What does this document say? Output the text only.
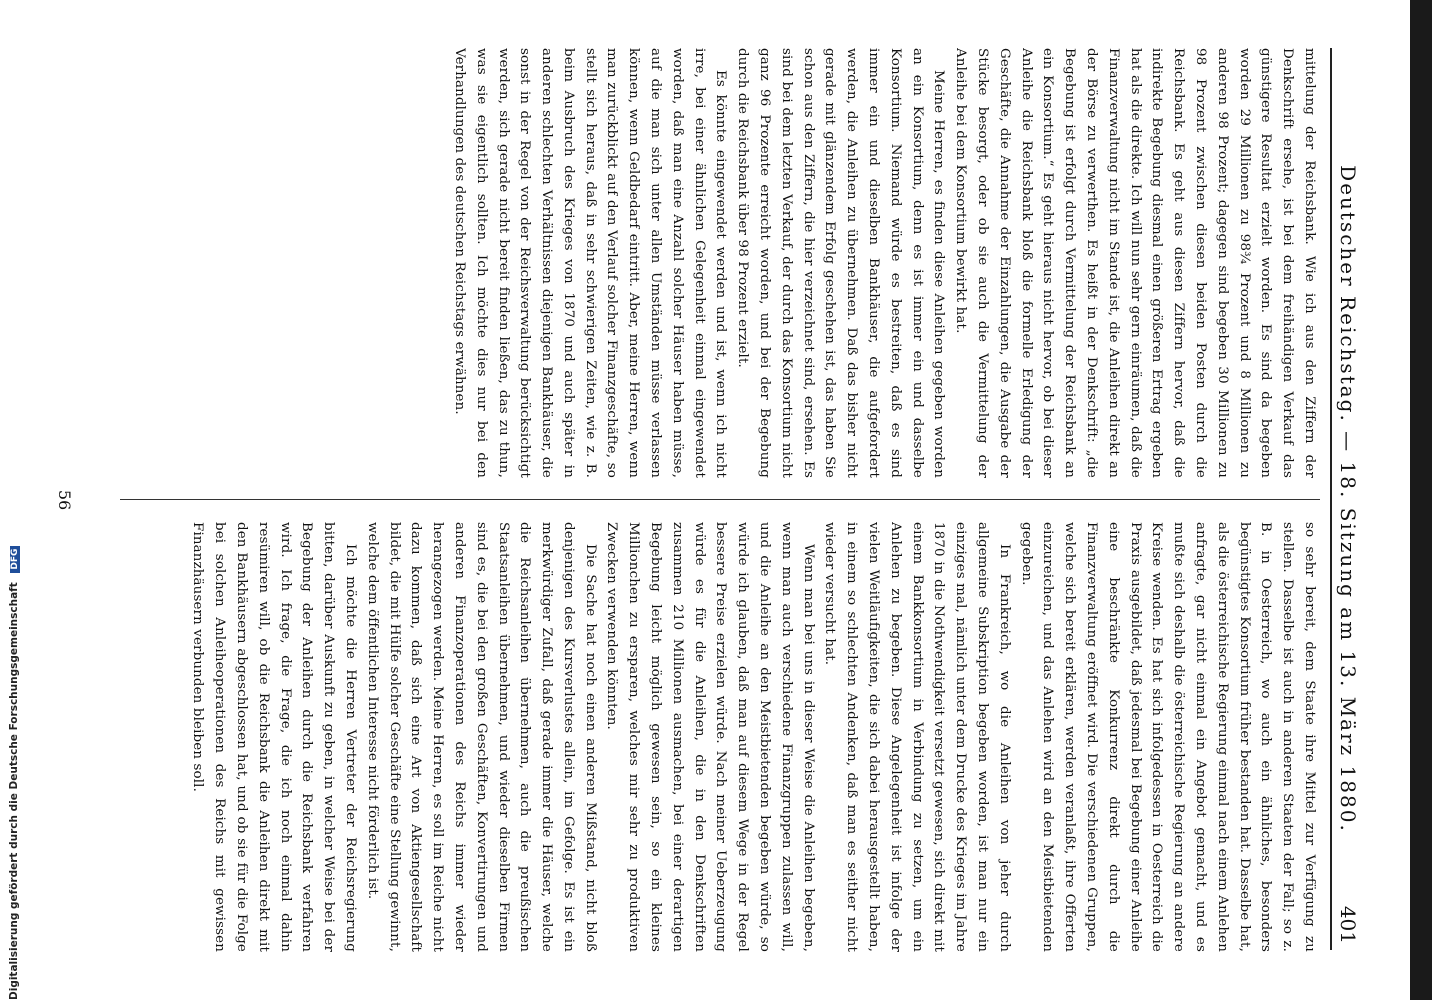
Digitalisierung gefördert durch die Deutsche Forschungsgemeinschaft DFG	Deutscher Reichstag. — 18. Sitzung am 13. März 1880.
401

mittelung der Reichsbank. Wie ich aus den Ziffern der Denkschrift ersehe, ist bei dem freihändigen Verkauf das günstigere Resultat erzielt worden. Es sind da begeben worden 29 Millionen zu 98¾ Prozent und 8 Millionen zu anderen 98 Prozent; dagegen sind begeben 30 Millionen zu 98 Prozent zwischen diesen beiden Posten durch die Reichsbank. Es geht aus diesen Ziffern hervor, daß die indirekte Begebung diesmal einen größeren Ertrag ergeben hat als die direkte. Ich will nun sehr gern einräumen, daß die Finanzverwaltung nicht im Stande ist, die Anleihen direkt an der Börse zu verwerthen. Es heißt in der Denkschrift: „die Begebung ist erfolgt durch Vermittelung der Reichsbank an ein Konsortium.“ Es geht hieraus nicht hervor, ob bei dieser Anleihe die Reichsbank bloß die formelle Erledigung der Geschäfte, die Annahme der Einzahlungen, die Ausgabe der Stücke besorgt, oder ob sie auch die Vermittelung der Anleihe bei dem Konsortium bewirkt hat.

Meine Herren, es finden diese Anleihen gegeben worden an ein Konsortium, denn es ist immer ein und dasselbe Konsortium. Niemand würde es bestreiten, daß es sind immer ein und dieselben Bankhäuser, die aufgefordert werden, die Anleihen zu übernehmen. Daß das bisher nicht gerade mit glänzendem Erfolg geschehen ist, das haben Sie schon aus den Ziffern, die hier verzeichnet sind, ersehen. Es sind bei dem letzten Verkauf, der durch das Konsortium nicht ganz 96 Prozente erreicht worden, und bei der Begebung durch die Reichsbank über 98 Prozent erzielt.

Es könnte eingewendet werden und ist, wenn ich nicht irre, bei einer ähnlichen Gelegenheit einmal eingewendet worden, daß man eine Anzahl solcher Häuser haben müsse, auf die man sich unter allen Umständen müsse verlassen können, wenn Geldbedarf eintritt. Aber, meine Herren, wenn man zurückblickt auf den Verlauf solcher Finanzgeschäfte, so stellt sich heraus, daß in sehr schwierigen Zeiten, wie z. B. beim Ausbruch des Krieges von 1870 und auch später in anderen schlechten Verhältnissen diejenigen Bankhäuser, die sonst in der Regel von der Reichsverwaltung berücksichtigt werden, sich gerade nicht bereit finden ließen, das zu thun, was sie eigentlich sollten. Ich möchte dies nur bei den Verhandlungen des deutschen Reichstags erwähnen.

so sehr bereit, dem Staate ihre Mittel zur Verfügung zu stellen. Dasselbe ist auch in anderen Staaten der Fall; so z. B. in Oesterreich, wo auch ein ähnliches, besonders begünstigtes Konsortium früher bestanden hat. Dasselbe hat, als die österreichische Regierung einmal nach einem Anlehen anfragte, gar nicht einmal ein Angebot gemacht, und es mußte sich deshalb die österreichische Regierung an andere Kreise wenden. Es hat sich infolgedessen in Oesterreich die Praxis ausgebildet, daß jedesmal bei Begebung einer Anleihe eine beschränkte Konkurrenz direkt durch die Finanzverwaltung eröffnet wird. Die verschiedenen Gruppen, welche sich bereit erklären, werden veranlaßt, ihre Offerten einzureichen, und das Anlehen wird an den Meistbietenden gegeben.

In Frankreich, wo die Anleihen von jeher durch allgemeine Subskription begeben worden, ist man nur ein einziges mal, nämlich unter dem Drucke des Krieges im Jahre 1870 in die Nothwendigkeit versetzt gewesen, sich direkt mit einem Bankkonsortium in Verbindung zu setzen, um ein Anlehen zu begeben. Diese Angelegenheit ist infolge der vielen Weitläufigkeiten, die sich dabei herausgestellt haben, in einem so schlechten Andenken, daß man es seither nicht wieder versucht hat.

Wenn man bei uns in dieser Weise die Anleihen begeben, wenn man auch verschiedene Finanzgruppen zulassen will, und die Anleihe an den Meistbietenden begeben würde, so würde ich glauben, daß man auf diesem Wege in der Regel bessere Preise erzielen würde. Nach meiner Ueberzeugung würde es für die Anleihen, die in den Denkschriften zusammen 210 Millionen ausmachen, bei einer derartigen Begebung leicht möglich gewesen sein, so ein kleines Millionchen zu ersparen, welches mir sehr zu produktiven Zwecken verwenden könnten.

Die Sache hat noch einen anderen Mißstand, nicht bloß denjenigen des Kursverlustes allein, im Gefolge. Es ist ein merkwürdiger Zufall, daß gerade immer die Häuser, welche die Reichsanleihen übernehmen, auch die preußischen Staatsanleihen übernehmen, und wieder dieselben Firmen sind es, die bei den großen Geschäften, Konvertirungen und anderen Finanzoperationen des Reichs immer wieder herangezogen werden. Meine Herren, es soll im Reiche nicht dazu kommen, daß sich eine Art von Aktiengesellschaft bildet, die mit Hülfe solcher Geschäfte eine Stellung gewinnt, welche dem öffentlichen Interesse nicht förderlich ist.

Ich möchte die Herren Vertreter der Reichsregierung bitten, darüber Auskunft zu geben, in welcher Weise bei der Begebung der Anleihen durch die Reichsbank verfahren wird. Ich frage, die Frage, die ich noch einmal dahin resümiren will, ob die Reichsbank die Anleihen direkt mit den Bankhäusern abgeschlossen hat, und ob sie für die Folge bei solchen Anleiheoperationen des Reichs mit gewissen Finanzhäusern verbunden bleiben soll.

56
